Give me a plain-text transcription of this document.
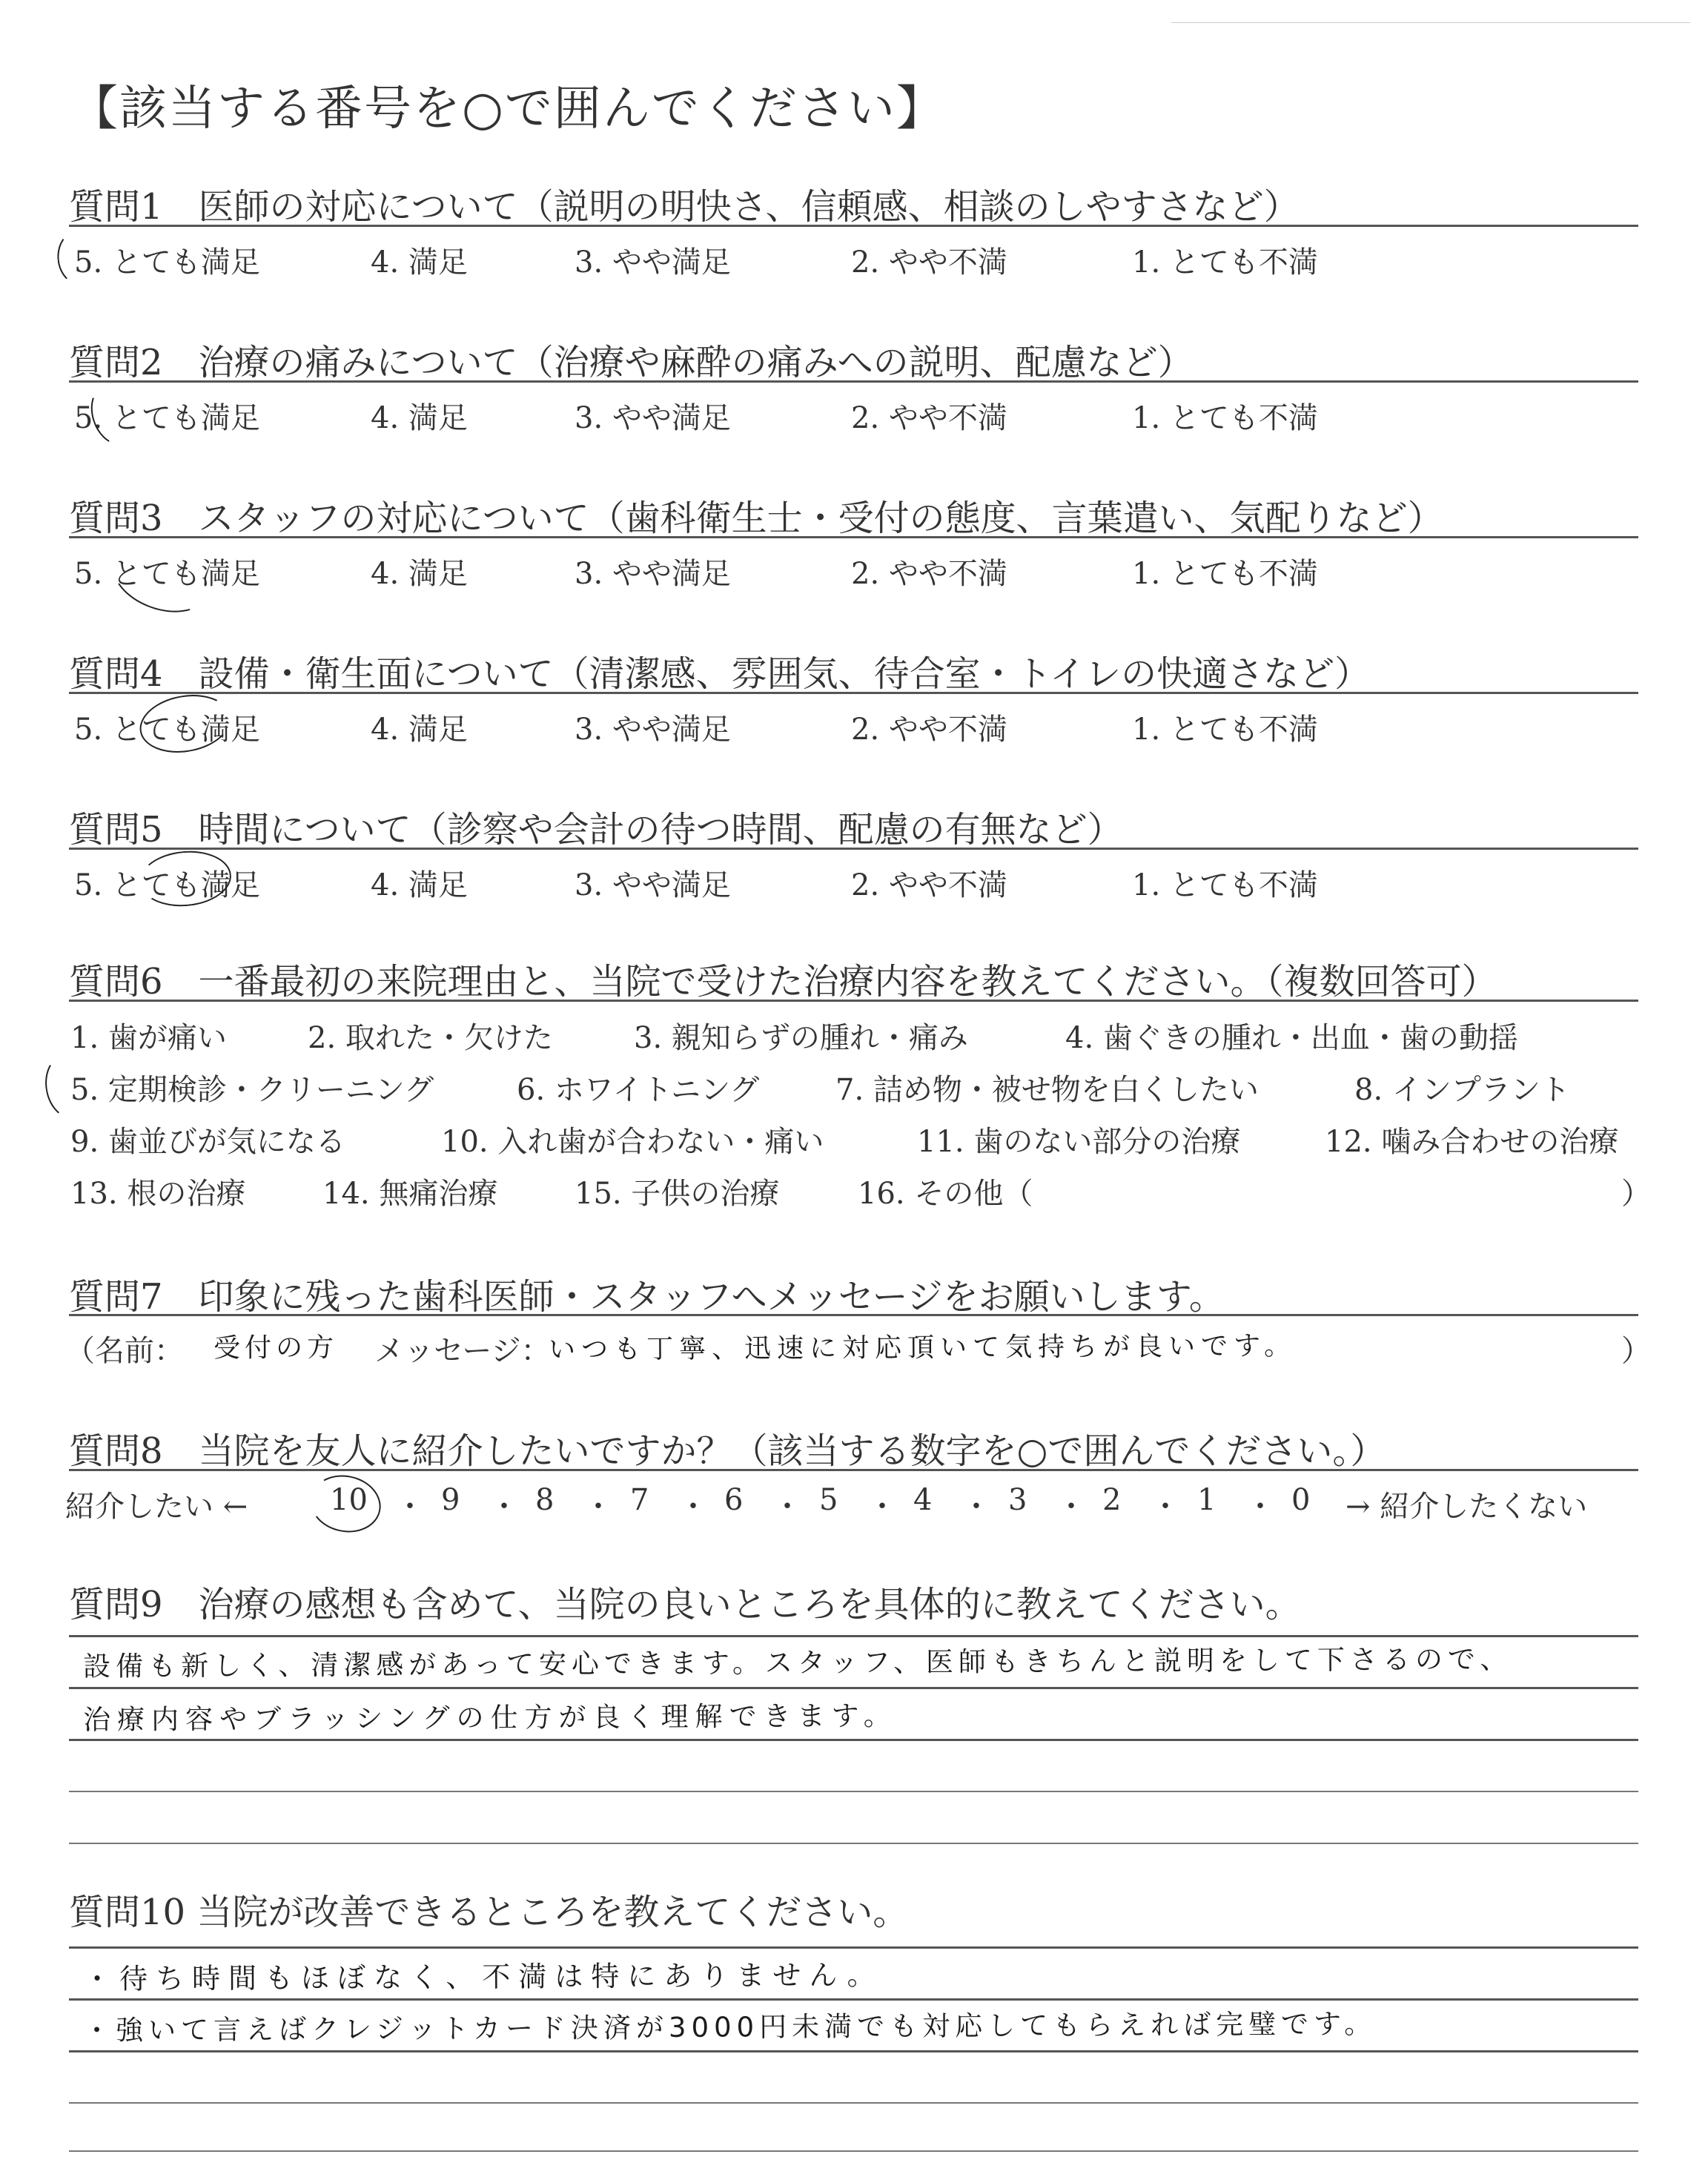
【該当する番号を○で囲んでください】
質問1　医師の対応について（説明の明快さ、信頼感、相談のしやすさなど）
5. とても満足	4. 満足	3. やや満足	2. やや不満	1. とても不満
質問2　治療の痛みについて（治療や麻酔の痛みへの説明、配慮など）
5. とても満足	4. 満足	3. やや満足	2. やや不満	1. とても不満
質問3　スタッフの対応について（歯科衛生士・受付の態度、言葉遣い、気配りなど）
5. とても満足	4. 満足	3. やや満足	2. やや不満	1. とても不満
質問4　設備・衛生面について（清潔感、雰囲気、待合室・トイレの快適さなど）
5. とても満足	4. 満足	3. やや満足	2. やや不満	1. とても不満
質問5　時間について（診察や会計の待つ時間、配慮の有無など）
5. とても満足	4. 満足	3. やや満足	2. やや不満	1. とても不満
質問6　一番最初の来院理由と、当院で受けた治療内容を教えてください。（複数回答可）
1. 歯が痛い	2. 取れた・欠けた	3. 親知らずの腫れ・痛み	4. 歯ぐきの腫れ・出血・歯の動揺
5. 定期検診・クリーニング	6. ホワイトニング	7. 詰め物・被せ物を白くしたい	8. インプラント
9. 歯並びが気になる	10. 入れ歯が合わない・痛い	11. 歯のない部分の治療	12. 噛み合わせの治療
13. 根の治療	14. 無痛治療	15. 子供の治療	16. その他（	）
質問7　印象に残った歯科医師・スタッフへメッセージをお願いします。
（名前： 受付の方 メッセージ：
いつも丁寧、迅速に対応頂いて気持ちが良いです。	）
質問8　当院を友人に紹介したいですか？（該当する数字を○で囲んでください。）
紹介したい ←	10 ・ 9 ・ 8 ・ 7 ・ 6 ・ 5 ・ 4 ・ 3 ・ 2 ・ 1 ・ 0 → 紹介したくない
質問9　治療の感想も含めて、当院の良いところを具体的に教えてください。
設備も新しく、清潔感があって安心できます。スタッフ、医師もきちんと説明をして下さるので、
治療内容やブラッシングの仕方が良く理解できます。
質問10 当院が改善できるところを教えてください。
・待ち時間もほぼなく、不満は特にありません。
・強いて言えばクレジットカード決済が3000円未満でも対応してもらえれば完璧です。
